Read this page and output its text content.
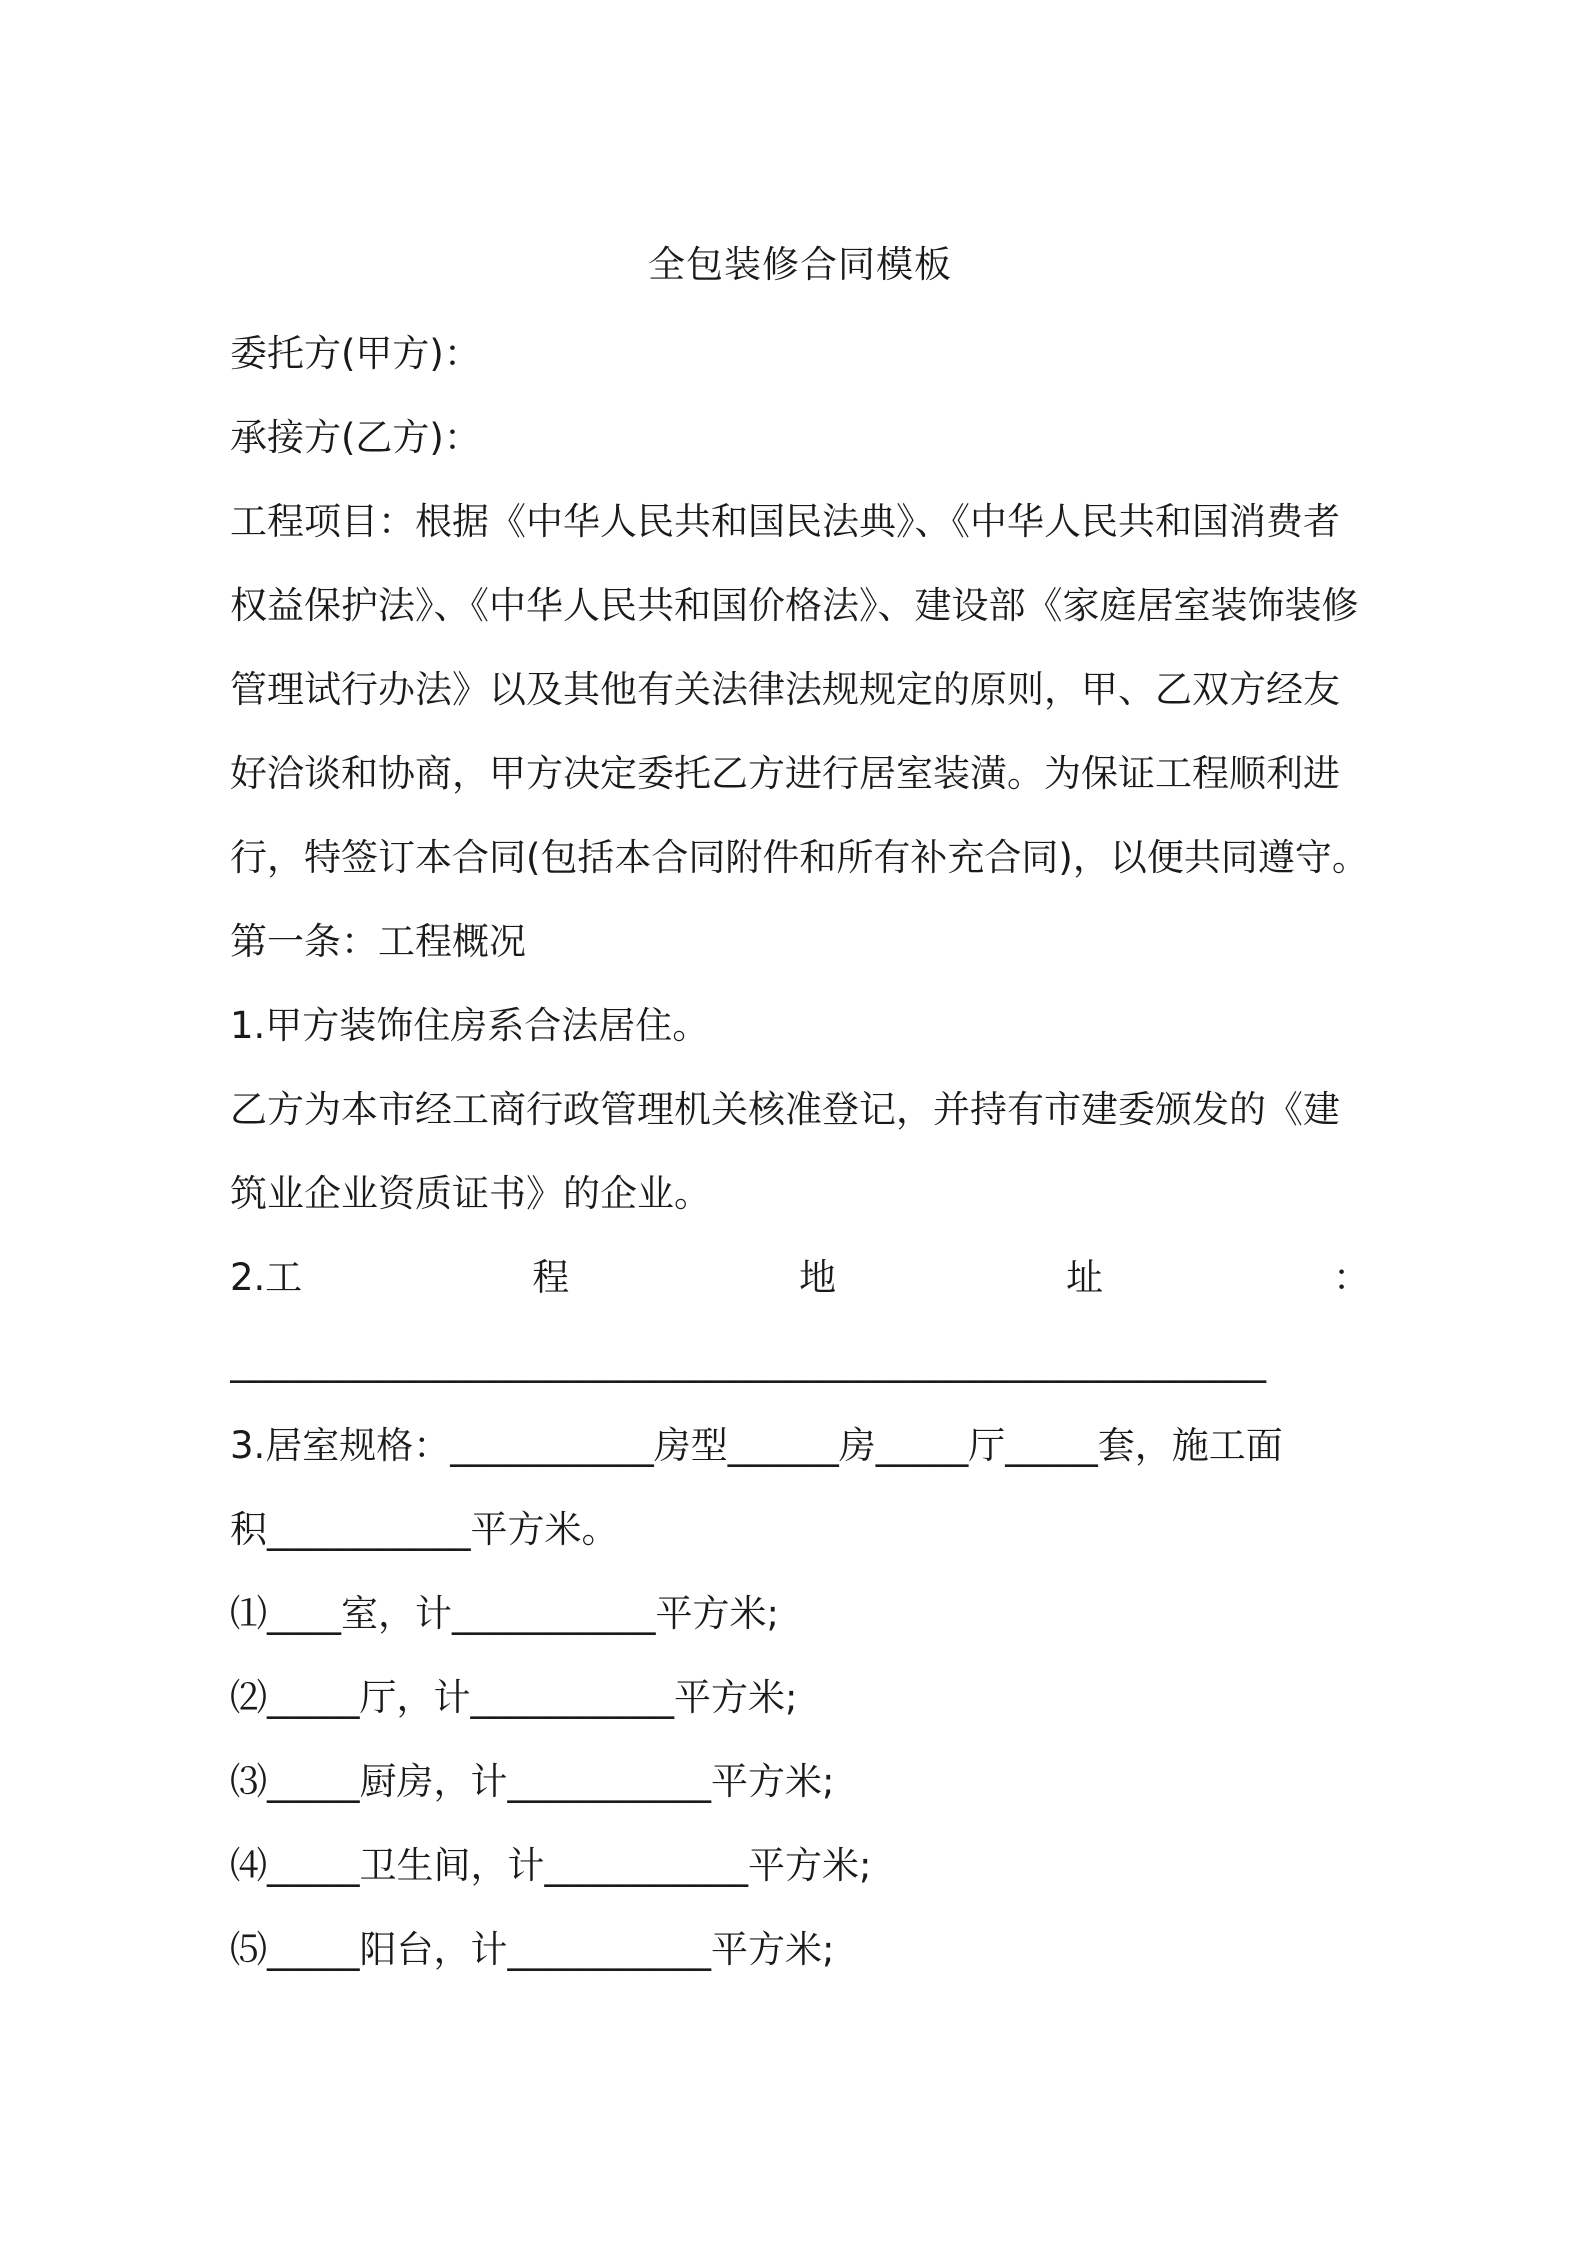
全包装修合同模板
委托方(甲方)：
承接方(乙方)：
工程项目：根据《中华人民共和国民法典》、《中华人民共和国消费者
权益保护法》、《中华人民共和国价格法》、建设部《家庭居室装饰装修
管理试行办法》以及其他有关法律法规规定的原则，甲、乙双方经友
好洽谈和协商，甲方决定委托乙方进行居室装潢。为保证工程顺利进
行，特签订本合同(包括本合同附件和所有补充合同)，以便共同遵守。
第一条：工程概况
1.甲方装饰住房系合法居住。
乙方为本市经工商行政管理机关核准登记，并持有市建委颁发的《建
筑业企业资质证书》的企业。
2.工	程	地	址	：
________________________________________________________
3.居室规格：___________房型______房_____厅_____套，施工面
积___________平方米。
⑴____室，计___________平方米;
⑵_____厅，计___________平方米;
⑶_____厨房，计___________平方米;
⑷_____卫生间，计___________平方米;
⑸_____阳台，计___________平方米;
